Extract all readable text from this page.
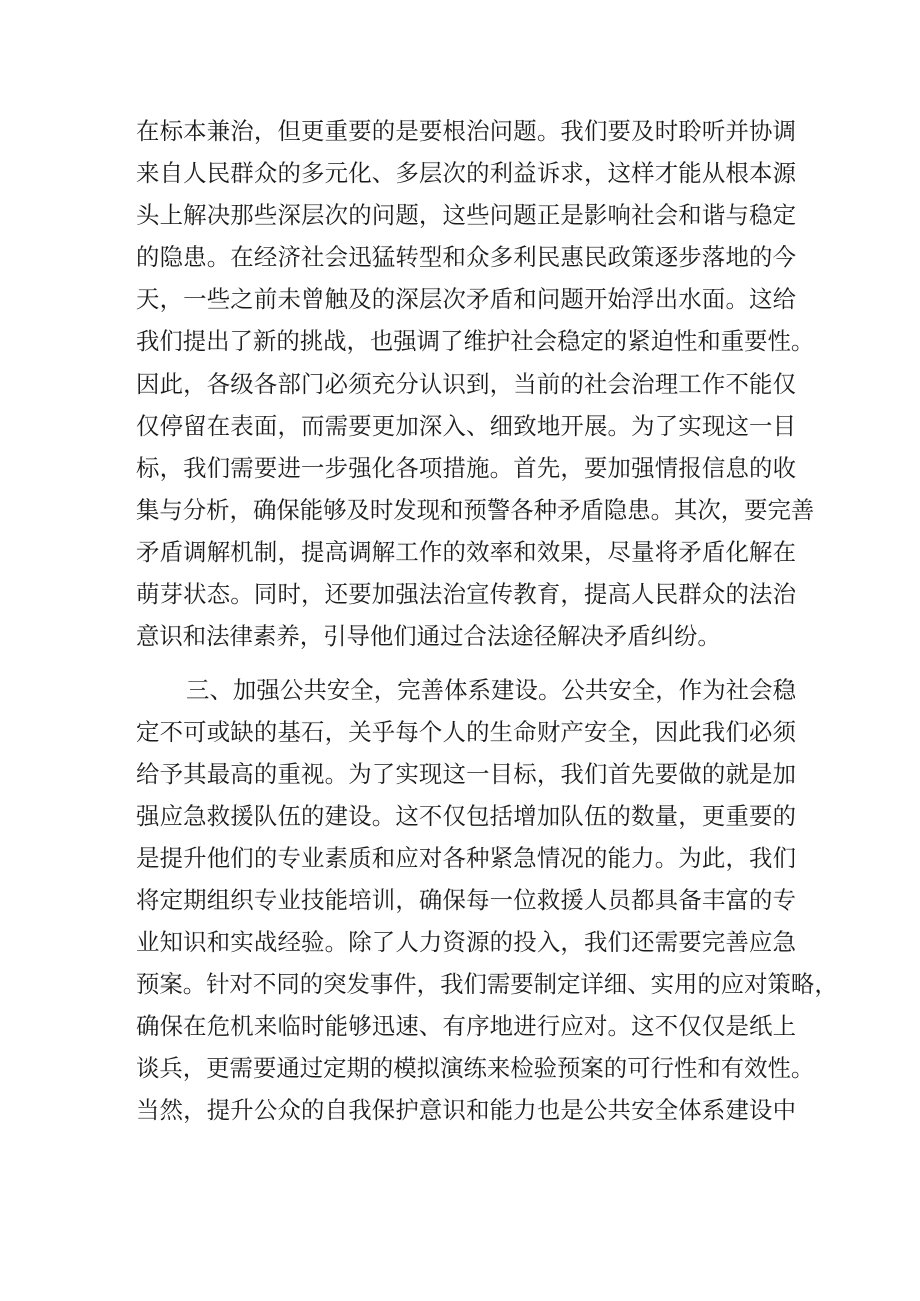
在标本兼治，但更重要的是要根治问题。我们要及时聆听并协调
来自人民群众的多元化、多层次的利益诉求，这样才能从根本源
头上解决那些深层次的问题，这些问题正是影响社会和谐与稳定
的隐患。在经济社会迅猛转型和众多利民惠民政策逐步落地的今
天，一些之前未曾触及的深层次矛盾和问题开始浮出水面。这给
我们提出了新的挑战，也强调了维护社会稳定的紧迫性和重要性。
因此，各级各部门必须充分认识到，当前的社会治理工作不能仅
仅停留在表面，而需要更加深入、细致地开展。为了实现这一目
标，我们需要进一步强化各项措施。首先，要加强情报信息的收
集与分析，确保能够及时发现和预警各种矛盾隐患。其次，要完善
矛盾调解机制，提高调解工作的效率和效果，尽量将矛盾化解在
萌芽状态。同时，还要加强法治宣传教育，提高人民群众的法治
意识和法律素养，引导他们通过合法途径解决矛盾纠纷。
三、加强公共安全，完善体系建设。公共安全，作为社会稳
定不可或缺的基石，关乎每个人的生命财产安全，因此我们必须
给予其最高的重视。为了实现这一目标，我们首先要做的就是加
强应急救援队伍的建设。这不仅包括增加队伍的数量，更重要的
是提升他们的专业素质和应对各种紧急情况的能力。为此，我们
将定期组织专业技能培训，确保每一位救援人员都具备丰富的专
业知识和实战经验。除了人力资源的投入，我们还需要完善应急
预案。针对不同的突发事件，我们需要制定详细、实用的应对策略，
确保在危机来临时能够迅速、有序地进行应对。这不仅仅是纸上
谈兵，更需要通过定期的模拟演练来检验预案的可行性和有效性。
当然，提升公众的自我保护意识和能力也是公共安全体系建设中
